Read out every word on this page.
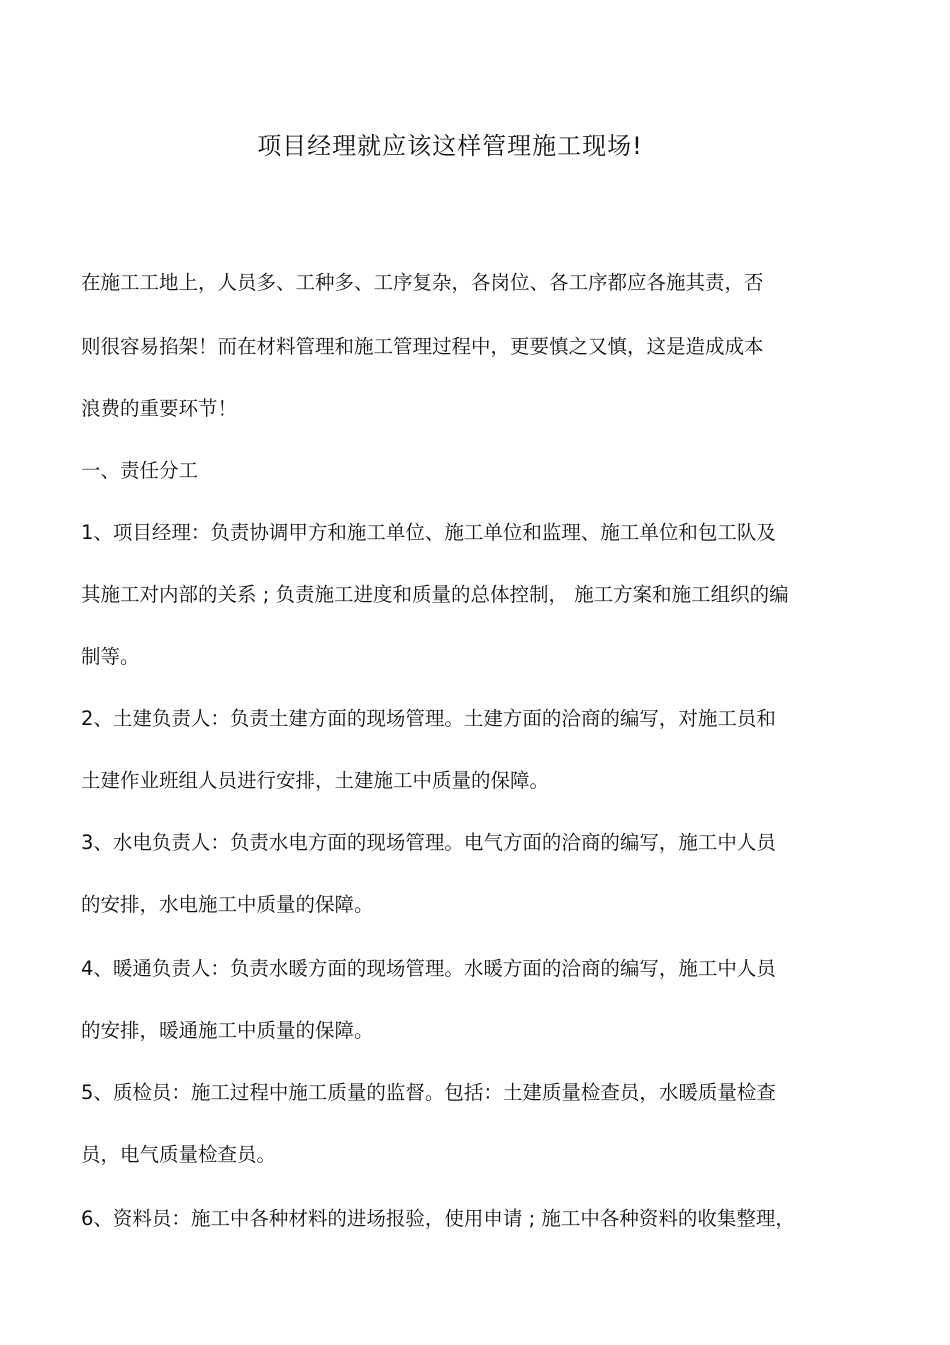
项目经理就应该这样管理施工现场!
在施工工地上，人员多、工种多、工序复杂，各岗位、各工序都应各施其责，否
则很容易掐架！而在材料管理和施工管理过程中，更要慎之又慎，这是造成成本
浪费的重要环节！
一、责任分工
1、项目经理：负责协调甲方和施工单位、施工单位和监理、施工单位和包工队及
其施工对内部的关系 ; 负责施工进度和质量的总体控制， 施工方案和施工组织的编
制等。
2、土建负责人：负责土建方面的现场管理。土建方面的洽商的编写，对施工员和
土建作业班组人员进行安排，土建施工中质量的保障。
3、水电负责人：负责水电方面的现场管理。电气方面的洽商的编写，施工中人员
的安排，水电施工中质量的保障。
4、暖通负责人：负责水暖方面的现场管理。水暖方面的洽商的编写，施工中人员
的安排，暖通施工中质量的保障。
5、质检员：施工过程中施工质量的监督。包括：土建质量检查员，水暖质量检查
员，电气质量检查员。
6、资料员：施工中各种材料的进场报验，使用申请 ; 施工中各种资料的收集整理，
